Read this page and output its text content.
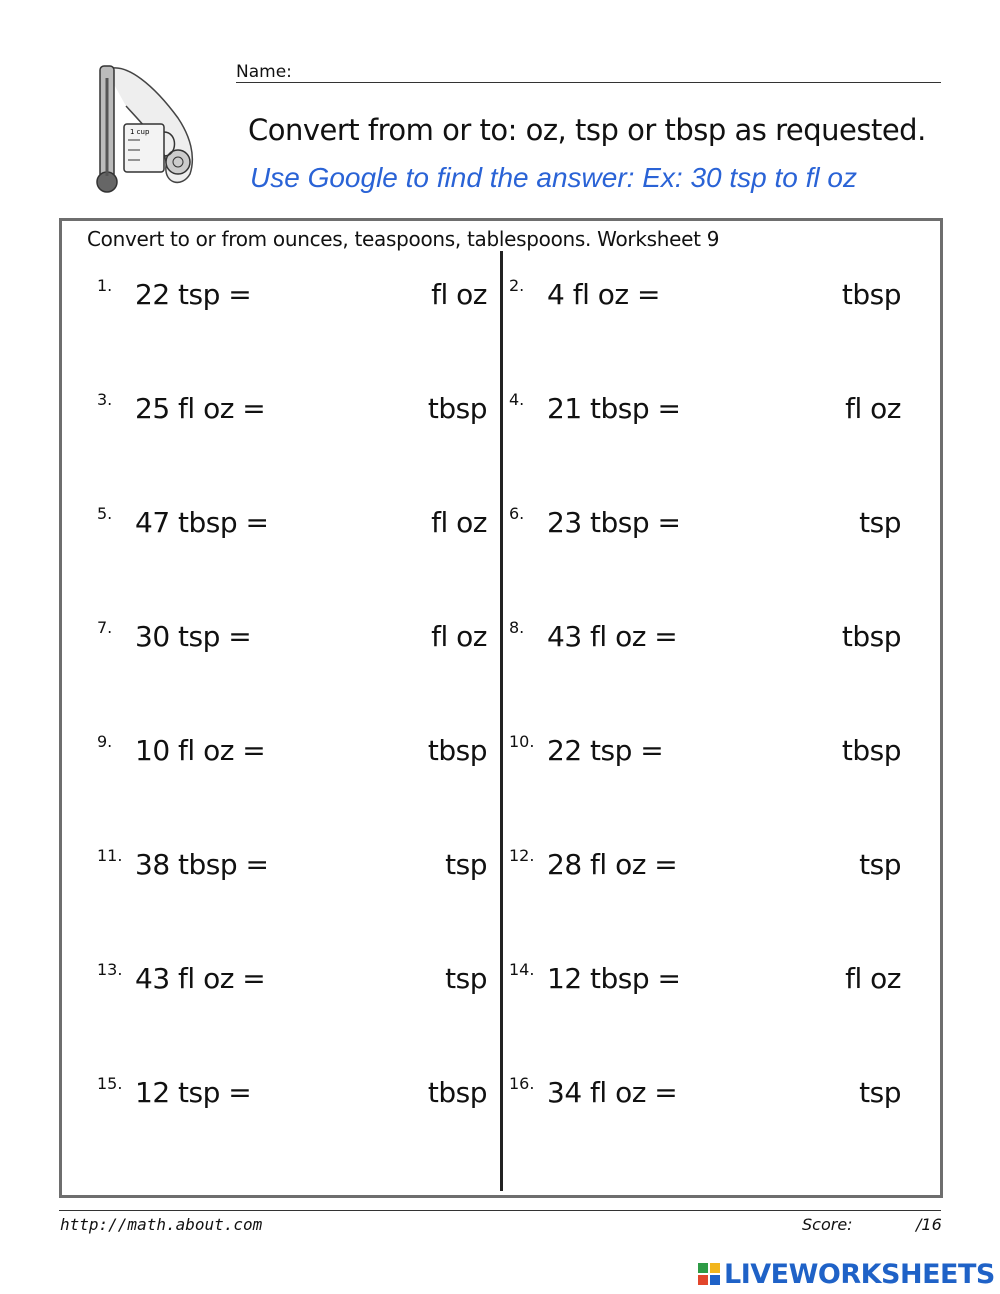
1 cup
Name:
Convert from or to: oz, tsp or tbsp as requested.
Use Google to find the answer: Ex: 30 tsp to fl oz
Convert to or from ounces, teaspoons, tablespoons. Worksheet 9
1. 22 tsp =	fl oz 2. 4 fl oz =	tbsp
3. 25 fl oz =	tbsp 4. 21 tbsp =	fl oz
5. 47 tbsp =	fl oz 6. 23 tbsp =	tsp
7. 30 tsp =	fl oz 8. 43 fl oz =	tbsp
9. 10 fl oz =	tbsp 10. 22 tsp =	tbsp
11. 38 tbsp =	tsp 12. 28 fl oz =	tsp
13. 43 fl oz =	tsp 14. 12 tbsp =	fl oz
15. 12 tsp =	tbsp 16. 34 fl oz =	tsp
http://math.about.com	Score:	/16
LIVEWORKSHEETS
